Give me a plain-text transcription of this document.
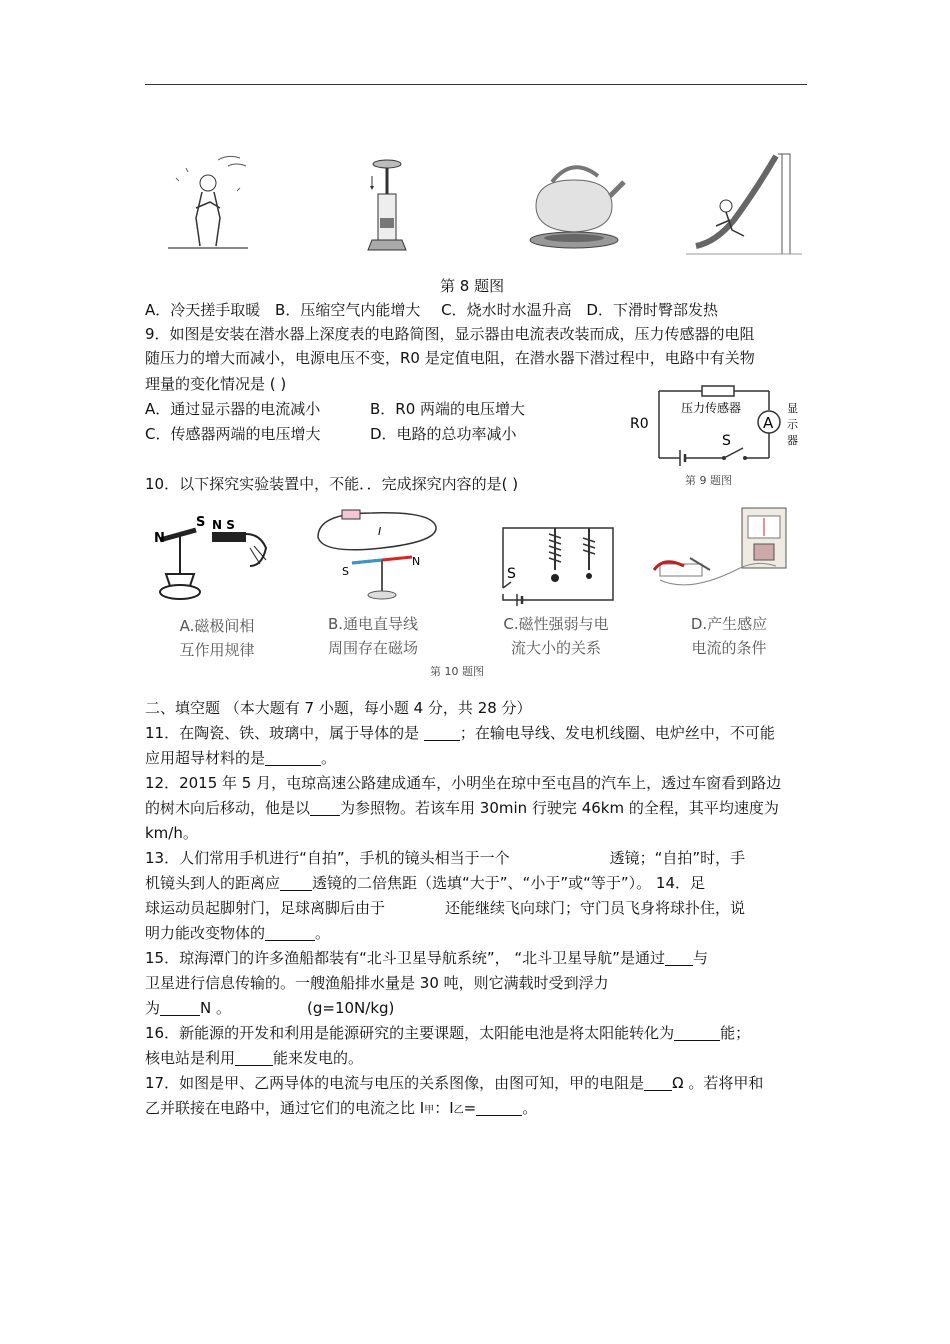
第 8 题图
A．冷天搓手取暖 B．压缩空气内能增大 C．烧水时水温升高 D．下滑时臀部发热
9．如图是安装在潜水器上深度表的电路简图，显示器由电流表改装而成，压力传感器的电阻
随压力的增大而减小，电源电压不变，R0 是定值电阻，在潜水器下潜过程中，电路中有关物
理量的变化情况是 ( )
A．通过显示器的电流减小	B．R0 两端的电压增大
C．传感器两端的电压增大	D．电路的总功率减小
A
R0
压力传感器
S
显
示
器
第 9 题图
10．以下探究实验装置中，不能．．完成探究内容的是( )
N
S N S	I
S
N
S
A.磁极间相
互作用规律
B.通电直导线
周围存在磁场
C.磁性强弱与电
流大小的关系
D.产生感应
电流的条件
第 10 题图
二、填空题 （本大题有 7 小题，每小题 4 分，共 28 分）
11．在陶瓷、铁、玻璃中，属于导体的是 ；在输电导线、发电机线圈、电炉丝中，不可能
应用超导材料的是	。
12．2015 年 5 月，屯琼高速公路建成通车，小明坐在琼中至屯昌的汽车上，透过车窗看到路边
的树木向后移动，他是以 为参照物。若该车用 30min 行驶完 46km 的全程，其平均速度为
km/h。
13．人们常用手机进行“自拍”，手机的镜头相当于一个	透镜；“自拍”时，手
机镜头到人的距离应 透镜的二倍焦距（选填“大于”、“小于”或“等于”）。 14．足
球运动员起脚射门，足球离脚后由于	还能继续飞向球门；守门员飞身将球扑住，说
明力能改变物体的	。
15．琼海潭门的许多渔船都装有“北斗卫星导航系统”， “北斗卫星导航”是通过 与
卫星进行信息传输的。一艘渔船排水量是 30 吨，则它满载时受到浮力
为	N 。	(g=10N/kg)
16．新能源的开发和利用是能源研究的主要课题，太阳能电池是将太阳能转化为	能；
核电站是利用	能来发电的。
17．如图是甲、乙两导体的电流与电压的关系图像，由图可知，甲的电阻是 Ω 。若将甲和
乙并联接在电路中，通过它们的电流之比 I甲：I乙=	。
